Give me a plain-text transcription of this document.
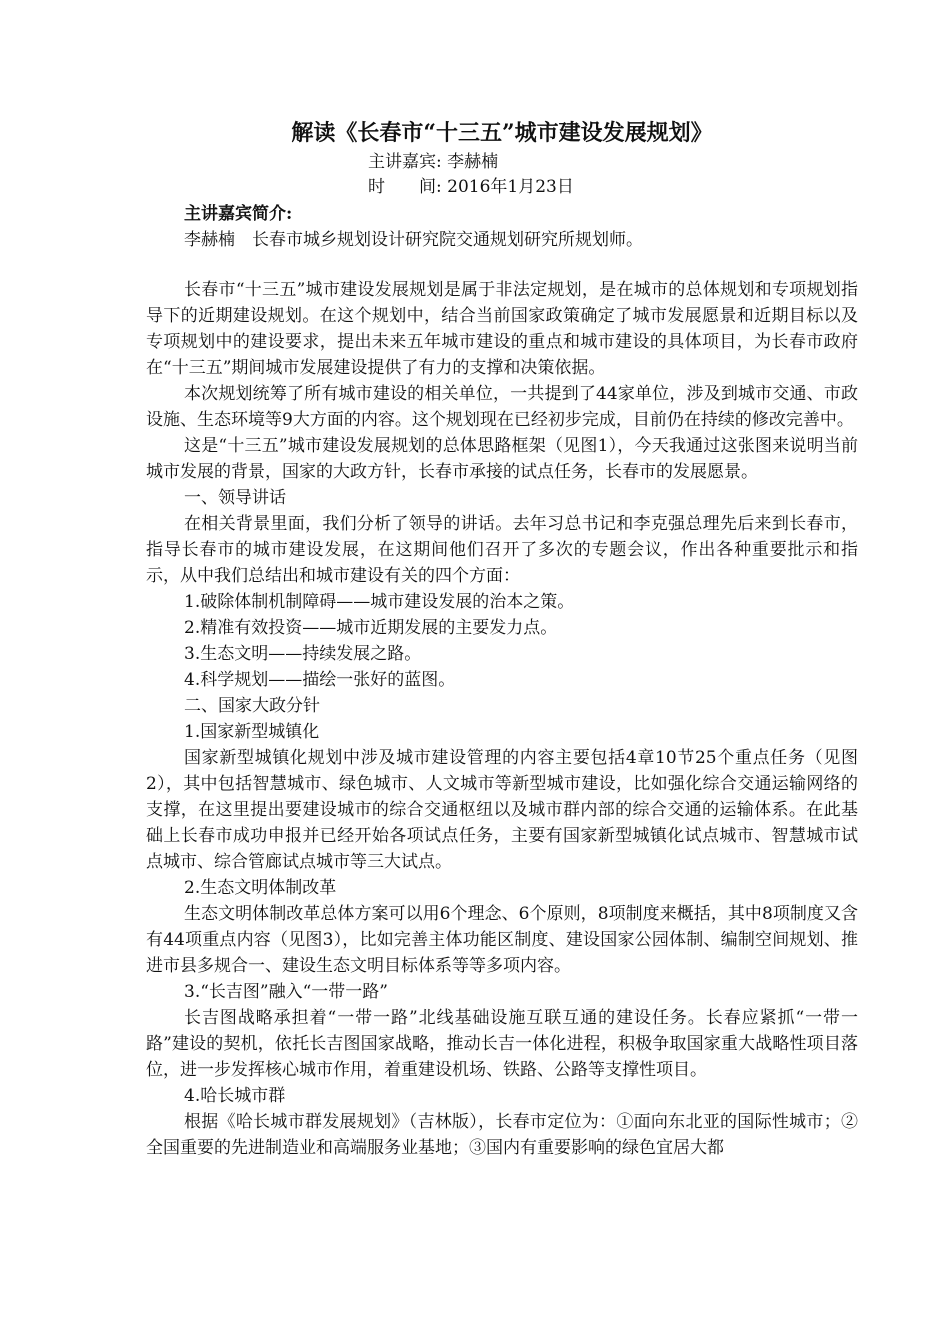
解读《长春市“十三五”城市建设发展规划》
主讲嘉宾: 李赫楠
时　　间: 2016年1月23日
主讲嘉宾简介:
李赫楠　长春市城乡规划设计研究院交通规划研究所规划师。

长春市“十三五”城市建设发展规划是属于非法定规划，是在城市的总体规划和专项规划指导下的近期建设规划。在这个规划中，结合当前国家政策确定了城市发展愿景和近期目标以及专项规划中的建设要求，提出未来五年城市建设的重点和城市建设的具体项目，为长春市政府在“十三五”期间城市发展建设提供了有力的支撑和决策依据。

本次规划统筹了所有城市建设的相关单位，一共提到了44家单位，涉及到城市交通、市政设施、生态环境等9大方面的内容。这个规划现在已经初步完成，目前仍在持续的修改完善中。

这是“十三五”城市建设发展规划的总体思路框架（见图1），今天我通过这张图来说明当前城市发展的背景，国家的大政方针，长春市承接的试点任务，长春市的发展愿景。

一、领导讲话

在相关背景里面，我们分析了领导的讲话。去年习总书记和李克强总理先后来到长春市，指导长春市的城市建设发展，在这期间他们召开了多次的专题会议，作出各种重要批示和指示，从中我们总结出和城市建设有关的四个方面：

1.破除体制机制障碍——城市建设发展的治本之策。
2.精准有效投资——城市近期发展的主要发力点。
3.生态文明——持续发展之路。
4.科学规划——描绘一张好的蓝图。
二、国家大政分针
1.国家新型城镇化

国家新型城镇化规划中涉及城市建设管理的内容主要包括4章10节25个重点任务（见图2），其中包括智慧城市、绿色城市、人文城市等新型城市建设，比如强化综合交通运输网络的支撑，在这里提出要建设城市的综合交通枢纽以及城市群内部的综合交通的运输体系。在此基础上长春市成功申报并已经开始各项试点任务，主要有国家新型城镇化试点城市、智慧城市试点城市、综合管廊试点城市等三大试点。

2.生态文明体制改革

生态文明体制改革总体方案可以用6个理念、6个原则，8项制度来概括，其中8项制度又含有44项重点内容（见图3），比如完善主体功能区制度、建设国家公园体制、编制空间规划、推进市县多规合一、建设生态文明目标体系等等多项内容。

3.“长吉图”融入“一带一路”

长吉图战略承担着“一带一路”北线基础设施互联互通的建设任务。长春应紧抓“一带一路”建设的契机，依托长吉图国家战略，推动长吉一体化进程，积极争取国家重大战略性项目落位，进一步发挥核心城市作用，着重建设机场、铁路、公路等支撑性项目。

4.哈长城市群

根据《哈长城市群发展规划》（吉林版），长春市定位为：①面向东北亚的国际性城市；②全国重要的先进制造业和高端服务业基地；③国内有重要影响的绿色宜居大都
